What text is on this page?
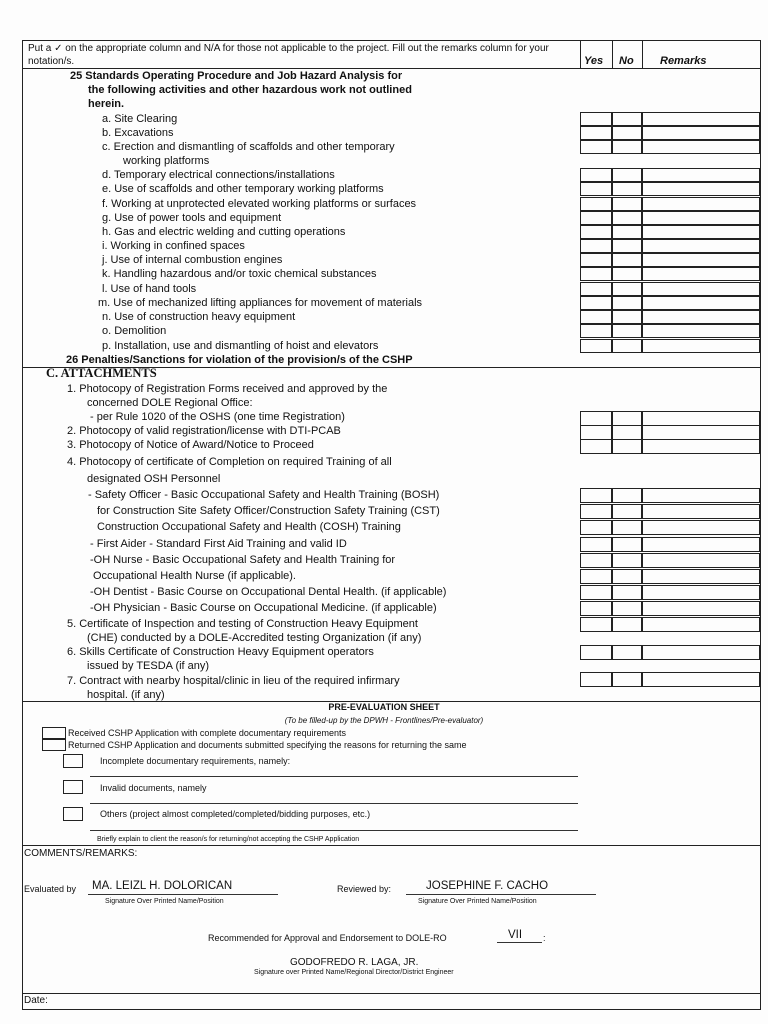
Put a ✓ on the appropriate column and N/A for those not applicable to the project. Fill out the remarks column for your notation/s.	Yes No Remarks
25 Standards Operating Procedure and Job Hazard Analysis for
the following activities and other hazardous work not outlined
herein.
a. Site Clearing
b. Excavations
c. Erection and dismantling of scaffolds and other temporary
working platforms
d. Temporary electrical connections/installations
e. Use of scaffolds and other temporary working platforms
f. Working at unprotected elevated working platforms or surfaces
g. Use of power tools and equipment
h. Gas and electric welding and cutting operations
i. Working in confined spaces
j. Use of internal combustion engines
k. Handling hazardous and/or toxic chemical substances
l. Use of hand tools
m. Use of mechanized lifting appliances for movement of materials
n. Use of construction heavy equipment
o. Demolition
p. Installation, use and dismantling of hoist and elevators
26 Penalties/Sanctions for violation of the provision/s of the CSHP
C. ATTACHMENTS
1. Photocopy of Registration Forms received and approved by the
concerned DOLE Regional Office:
- per Rule 1020 of the OSHS (one time Registration)
2. Photocopy of valid registration/license with DTI-PCAB
3. Photocopy of Notice of Award/Notice to Proceed
4. Photocopy of certificate of Completion on required Training of all
designated OSH Personnel
- Safety Officer - Basic Occupational Safety and Health Training (BOSH)
for Construction Site Safety Officer/Construction Safety Training (CST)
Construction Occupational Safety and Health (COSH) Training
- First Aider - Standard First Aid Training and valid ID
-OH Nurse - Basic Occupational Safety and Health Training for
Occupational Health Nurse (if applicable).
-OH Dentist - Basic Course on Occupational Dental Health. (if applicable)
-OH Physician - Basic Course on Occupational Medicine. (if applicable)
5. Certificate of Inspection and testing of Construction Heavy Equipment
(CHE) conducted by a DOLE-Accredited testing Organization (if any)
6. Skills Certificate of Construction Heavy Equipment operators
issued by TESDA (if any)
7. Contract with nearby hospital/clinic in lieu of the required infirmary
hospital. (if any)
PRE-EVALUATION SHEET
(To be filled-up by the DPWH - Frontlines/Pre-evaluator)
Received CSHP Application with complete documentary requirements
Returned CSHP Application and documents submitted specifying the reasons for returning the same
Incomplete documentary requirements, namely:
Invalid documents, namely
Others (project almost completed/completed/bidding purposes, etc.)
Briefly explain to client the reason/s for returning/not accepting the CSHP Application
COMMENTS/REMARKS:
Evaluated by MA. LEIZL H. DOLORICAN
Signature Over Printed Name/Position
Reviewed by:	JOSEPHINE F. CACHO
Signature Over Printed Name/Position
Recommended for Approval and Endorsement to DOLE-RO	VII :
GODOFREDO R. LAGA, JR.
Signature over Printed Name/Regional Director/District Engineer
Date:
